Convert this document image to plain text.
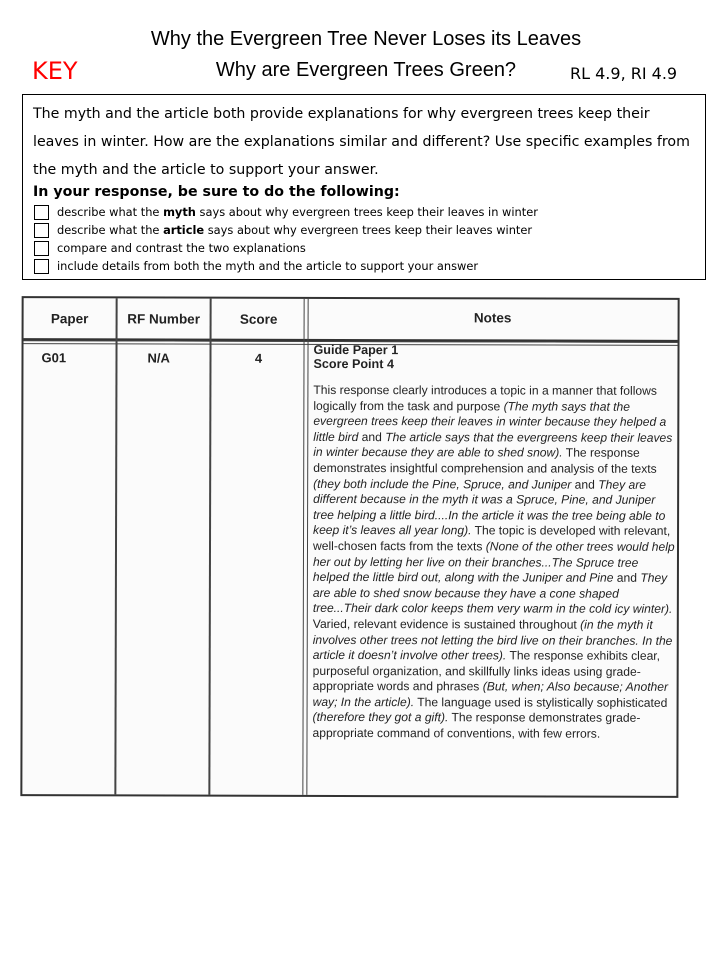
Why the Evergreen Tree Never Loses its Leaves
Why are Evergreen Trees Green?
KEY	RL 4.9, RI 4.9
The myth and the article both provide explanations for why evergreen trees keep their leaves in winter. How are the explanations similar and different? Use specific examples from the myth and the article to support your answer.
In your response, be sure to do the following:
describe what the myth says about why evergreen trees keep their leaves in winter
describe what the article says about why evergreen trees keep their leaves winter
compare and contrast the two explanations
include details from both the myth and the article to support your answer
Paper	RF Number	Score	Notes
G01	N/A	4
Guide Paper 1
Score Point 4

This response clearly introduces a topic in a manner that follows logically from the task and purpose (The myth says that the evergreen trees keep their leaves in winter because they helped a little bird and The article says that the evergreens keep their leaves in winter because they are able to shed snow). The response demonstrates insightful comprehension and analysis of the texts (they both include the Pine, Spruce, and Juniper and They are different because in the myth it was a Spruce, Pine, and Juniper tree helping a little bird....In the article it was the tree being able to keep it’s leaves all year long). The topic is developed with relevant, well-chosen facts from the texts (None of the other trees would help her out by letting her live on their branches...The Spruce tree helped the little bird out, along with the Juniper and Pine and They are able to shed snow because they have a cone shaped tree...Their dark color keeps them very warm in the cold icy winter). Varied, relevant evidence is sustained throughout (in the myth it involves other trees not letting the bird live on their branches. In the article it doesn’t involve other trees). The response exhibits clear, purposeful organization, and skillfully links ideas using grade-appropriate words and phrases (But, when; Also because; Another way; In the article). The language used is stylistically sophisticated (therefore they got a gift). The response demonstrates grade-appropriate command of conventions, with few errors.
